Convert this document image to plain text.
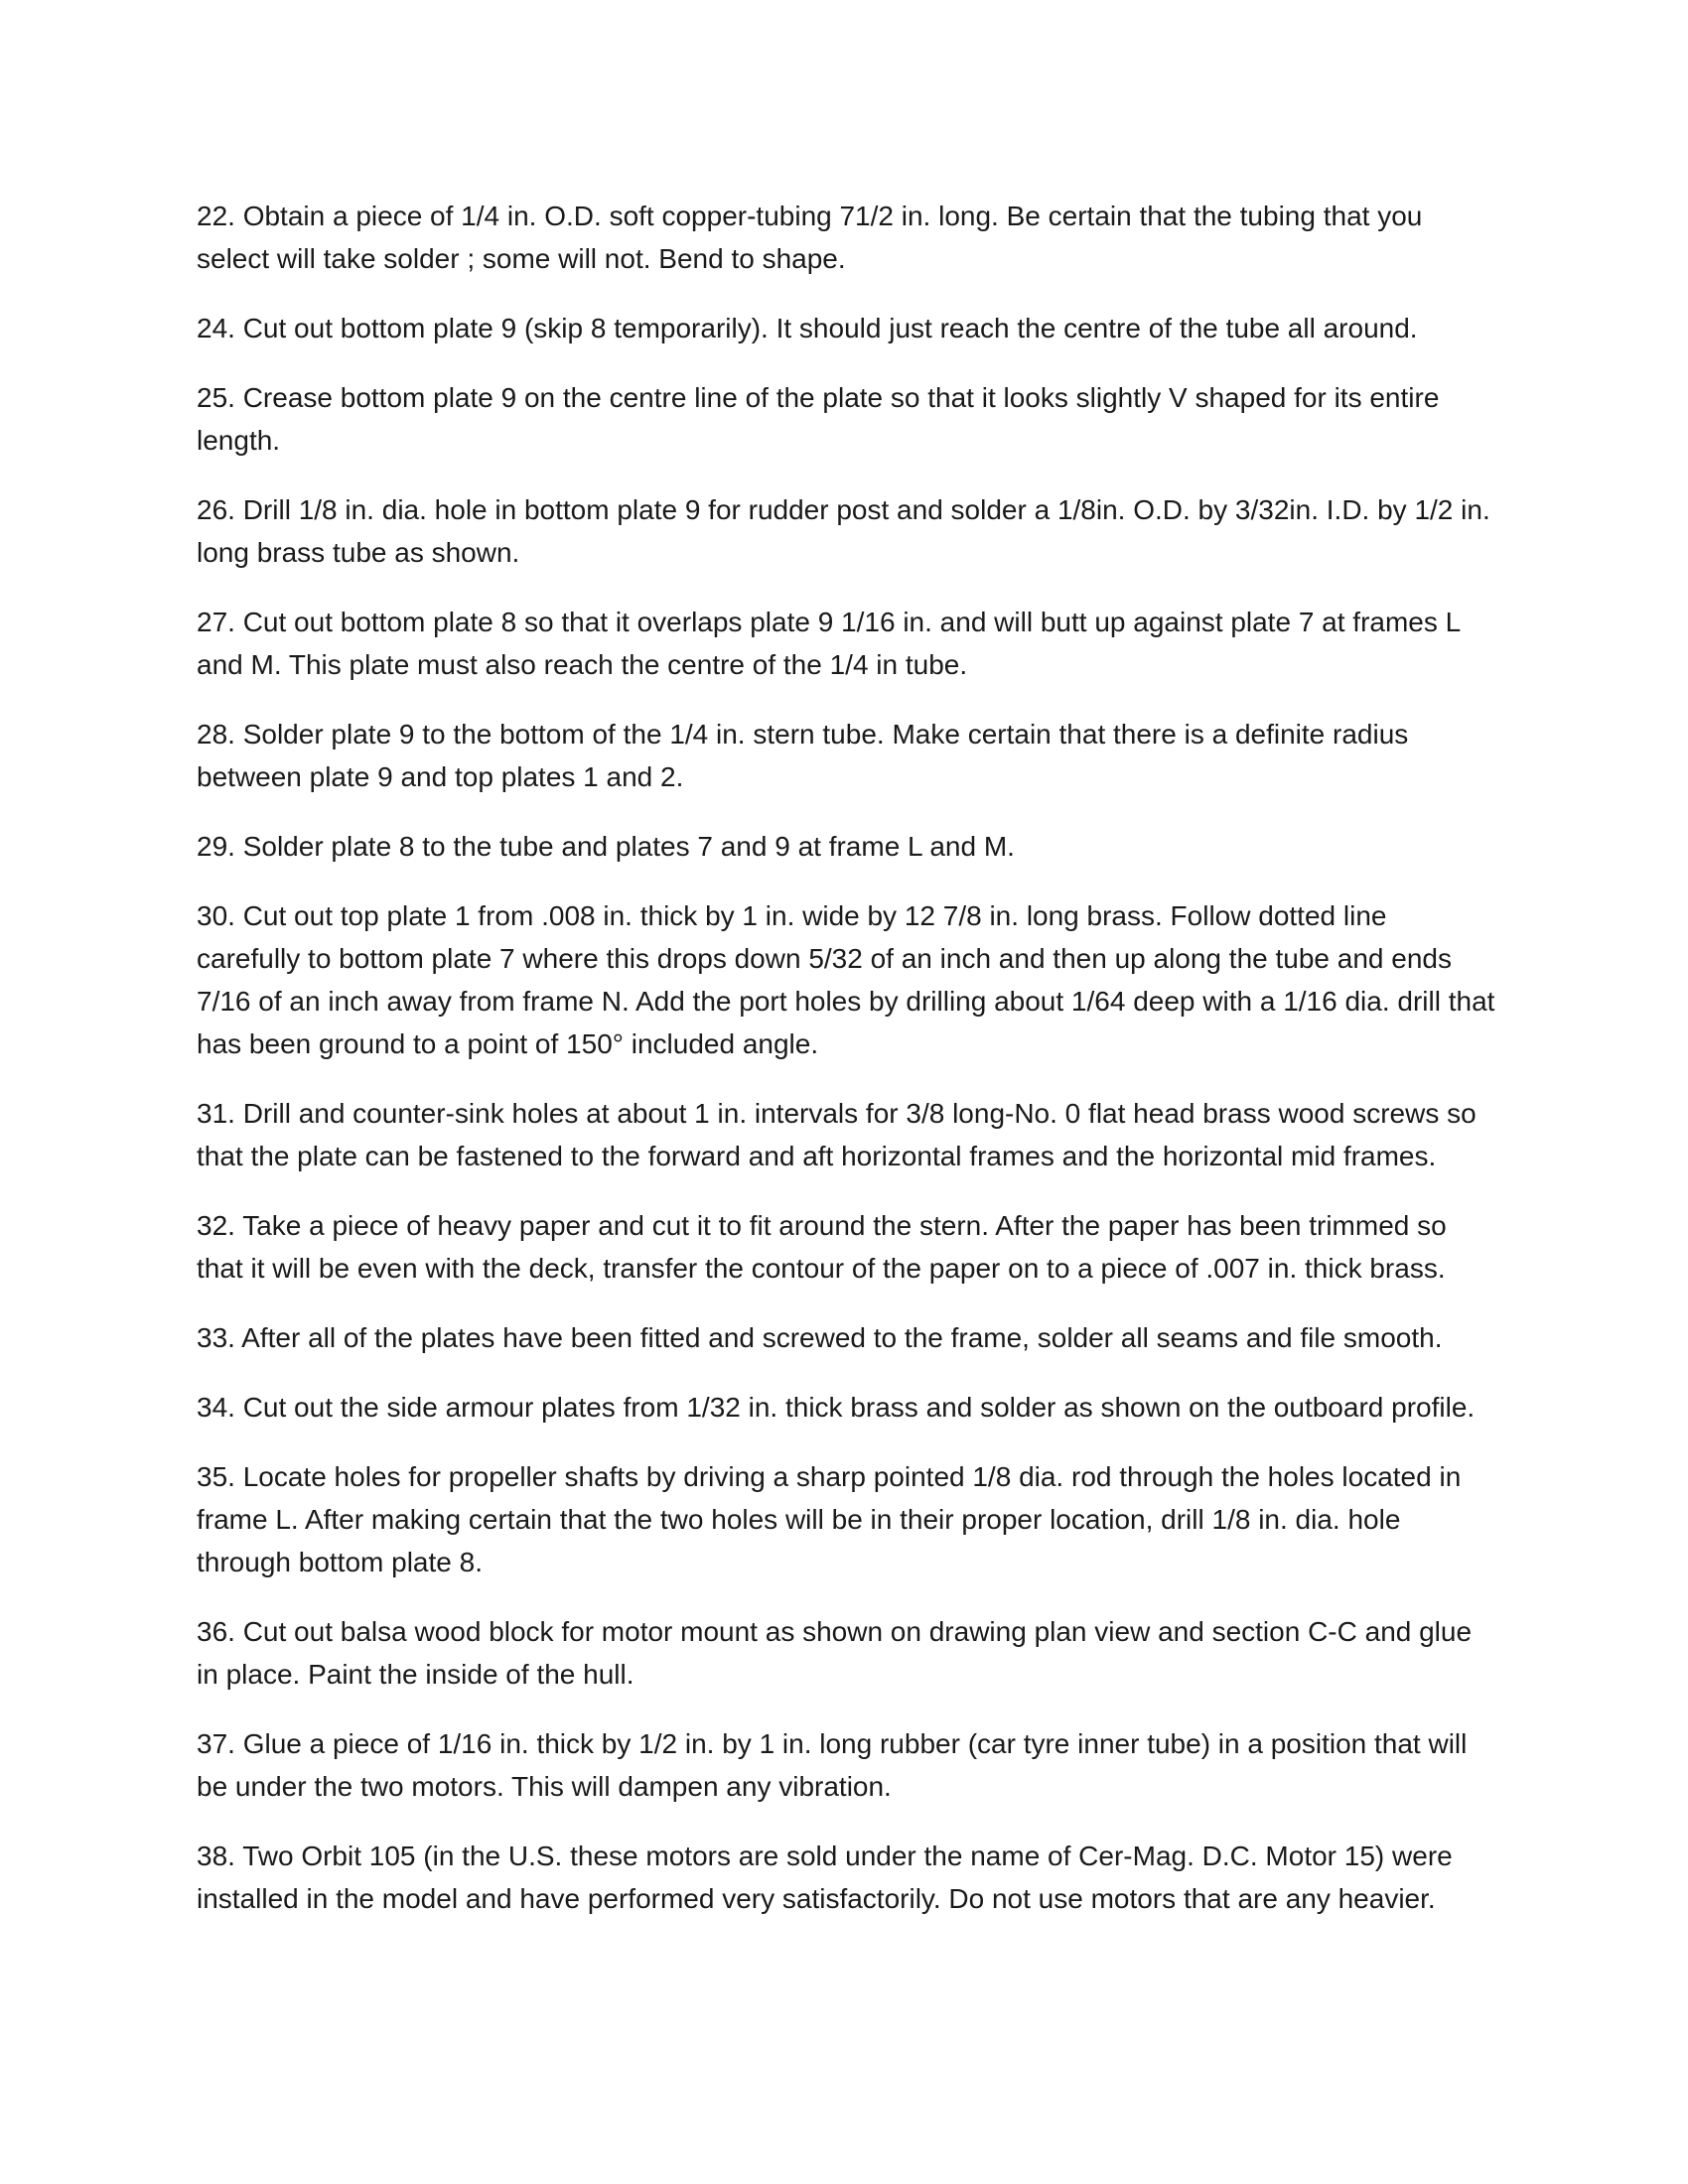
22. Obtain a piece of 1/4 in. O.D. soft copper-tubing 71/2 in. long. Be certain that the tubing that you select will take solder ; some will not. Bend to shape.

24. Cut out bottom plate 9 (skip 8 temporarily). It should just reach the centre of the tube all around.

25. Crease bottom plate 9 on the centre line of the plate so that it looks slightly V shaped for its entire length.

26. Drill 1/8 in. dia. hole in bottom plate 9 for rudder post and solder a 1/8in. O.D. by 3/32in. I.D. by 1/2 in. long brass tube as shown.

27. Cut out bottom plate 8 so that it overlaps plate 9 1/16 in. and will butt up against plate 7 at frames L and M. This plate must also reach the centre of the 1/4 in tube.

28. Solder plate 9 to the bottom of the 1/4 in. stern tube. Make certain that there is a definite radius between plate 9 and top plates 1 and 2.

29. Solder plate 8 to the tube and plates 7 and 9 at frame L and M.

30. Cut out top plate 1 from .008 in. thick by 1 in. wide by 12 7/8 in. long brass. Follow dotted line carefully to bottom plate 7 where this drops down 5/32 of an inch and then up along the tube and ends 7/16 of an inch away from frame N. Add the port holes by drilling about 1/64 deep with a 1/16 dia. drill that has been ground to a point of 150° included angle.

31. Drill and counter-sink holes at about 1 in. intervals for 3/8 long-No. 0 flat head brass wood screws so that the plate can be fastened to the forward and aft horizontal frames and the horizontal mid frames.

32. Take a piece of heavy paper and cut it to fit around the stern. After the paper has been trimmed so that it will be even with the deck, transfer the contour of the paper on to a piece of .007 in. thick brass.

33. After all of the plates have been fitted and screwed to the frame, solder all seams and file smooth.

34. Cut out the side armour plates from 1/32 in. thick brass and solder as shown on the outboard profile.

35. Locate holes for propeller shafts by driving a sharp pointed 1/8 dia. rod through the holes located in frame L. After making certain that the two holes will be in their proper location, drill 1/8 in. dia. hole through bottom plate 8.

36. Cut out balsa wood block for motor mount as shown on drawing plan view and section C-C and glue in place. Paint the inside of the hull.

37. Glue a piece of 1/16 in. thick by 1/2 in. by 1 in. long rubber (car tyre inner tube) in a position that will be under the two motors. This will dampen any vibration.

38. Two Orbit 105 (in the U.S. these motors are sold under the name of Cer-Mag. D.C. Motor 15) were installed in the model and have performed very satisfactorily. Do not use motors that are any heavier.
